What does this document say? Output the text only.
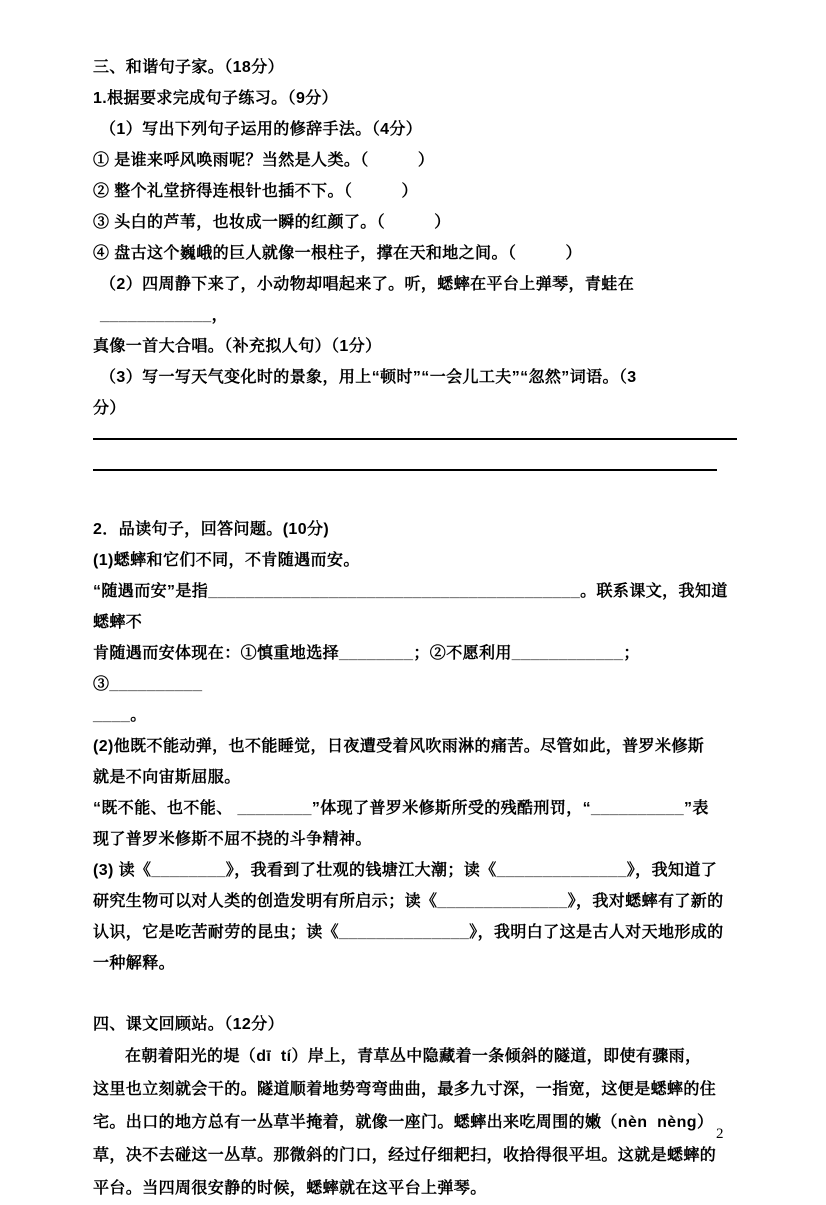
三、和谐句子家。（18分）
1.根据要求完成句子练习。（9分）
（1）写出下列句子运用的修辞手法。（4分）
① 是谁来呼风唤雨呢？当然是人类。（　　　）
② 整个礼堂挤得连根针也插不下。（　　　）
③ 头白的芦苇，也妆成一瞬的红颜了。（　　　）
④ 盘古这个巍峨的巨人就像一根柱子，撑在天和地之间。（　　　）
（2）四周静下来了，小动物却唱起来了。听，蟋蟀在平台上弹琴，青蛙在____________，
真像一首大合唱。（补充拟人句）（1分）
（3）写一写天气变化时的景象，用上“顿时”“一会儿工夫”“忽然”词语。（3
分）
2．品读句子，回答问题。(10分)
(1)蟋蟀和它们不同，不肯随遇而安。
“随遇而安”是指________________________________________。联系课文，我知道蟋蟀不
肯随遇而安体现在：①慎重地选择________；②不愿利用____________；③__________
____。
(2)他既不能动弹，也不能睡觉，日夜遭受着风吹雨淋的痛苦。尽管如此，普罗米修斯
就是不向宙斯屈服。
“既不能、也不能、 ________”体现了普罗米修斯所受的残酷刑罚，“__________”表
现了普罗米修斯不屈不挠的斗争精神。
(3) 读《________》，我看到了壮观的钱塘江大潮；读《______________》，我知道了
研究生物可以对人类的创造发明有所启示；读《______________》，我对蟋蟀有了新的
认识，它是吃苦耐劳的昆虫；读《______________》，我明白了这是古人对天地形成的
一种解释。
四、课文回顾站。（12分）
在朝着阳光的堤（dī  tí）岸上，青草丛中隐藏着一条倾斜的隧道，即使有骤雨，
这里也立刻就会干的。隧道顺着地势弯弯曲曲，最多九寸深，一指宽，这便是蟋蟀的住
宅。出口的地方总有一丛草半掩着，就像一座门。蟋蟀出来吃周围的嫩（nèn  nèng）
草，决不去碰这一丛草。那微斜的门口，经过仔细耙扫，收拾得很平坦。这就是蟋蟀的
平台。当四周很安静的时候，蟋蟀就在这平台上弹琴。
2
